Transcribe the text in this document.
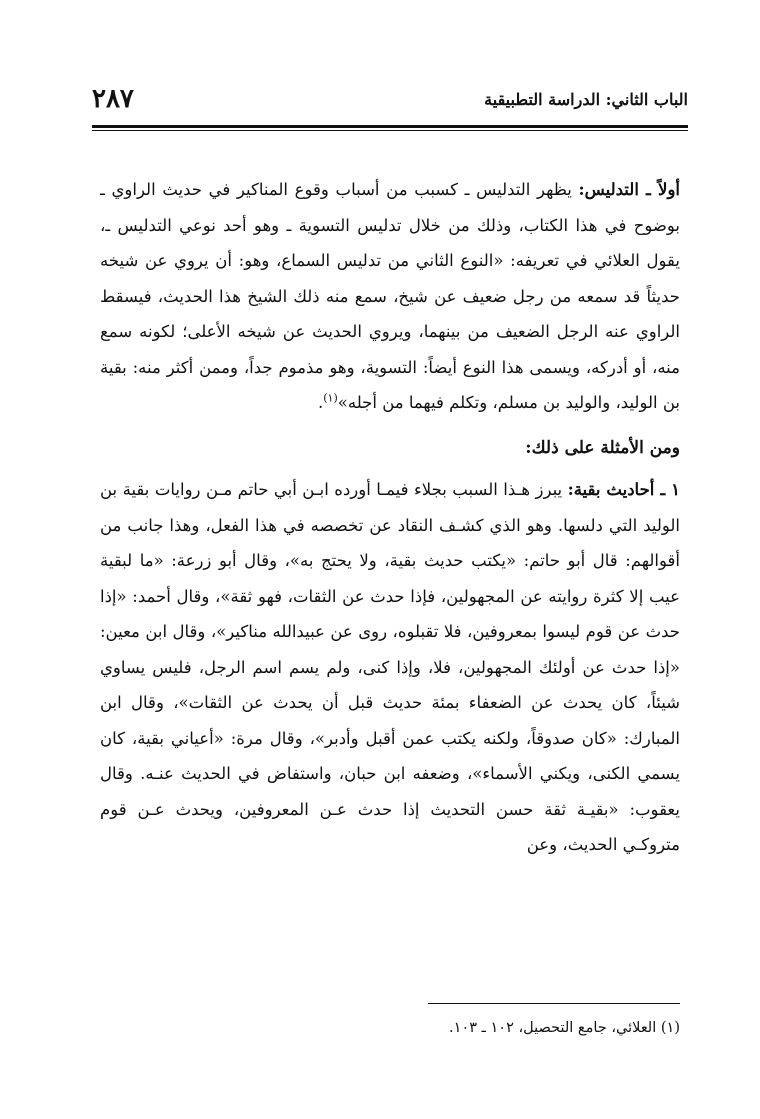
الباب الثاني: الدراسة التطبيقية
٢٨٧

أولاً ـ التدليس: يظهر التدليس ـ كسبب من أسباب وقوع المناكير في حديث الراوي ـ بوضوح في هذا الكتاب، وذلك من خلال تدليس التسوية ـ وهو أحد نوعي التدليس ـ، يقول العلائي في تعريفه: «النوع الثاني من تدليس السماع، وهو: أن يروي عن شيخه حديثاً قد سمعه من رجل ضعيف عن شيخ، سمع منه ذلك الشيخ هذا الحديث، فيسقط الراوي عنه الرجل الضعيف من بينهما، ويروي الحديث عن شيخه الأعلى؛ لكونه سمع منه، أو أدركه، ويسمى هذا النوع أيضاً: التسوية، وهو مذموم جداً، وممن أكثر منه: بقية بن الوليد، والوليد بن مسلم، وتكلم فيهما من أجله»$^{(١)}$.

ومن الأمثلة على ذلك:

١ ـ أحاديث بقية: يبرز هـذا السبب بجلاء فيمـا أورده ابـن أبي حاتم مـن روايات بقية بن الوليد التي دلسها. وهو الذي كشـف النقاد عن تخصصه في هذا الفعل، وهذا جانب من أقوالهم: قال أبو حاتم: «يكتب حديث بقية، ولا يحتج به»، وقال أبو زرعة: «ما لبقية عيب إلا كثرة روايته عن المجهولين، فإذا حدث عن الثقات، فهو ثقة»، وقال أحمد: «إذا حدث عن قوم ليسوا بمعروفين، فلا تقبلوه، روى عن عبيدالله مناكير»، وقال ابن معين: «إذا حدث عن أولئك المجهولين، فلا، وإذا كنى، ولم يسم اسم الرجل، فليس يساوي شيئاً، كان يحدث عن الضعفاء بمئة حديث قبل أن يحدث عن الثقات»، وقال ابن المبارك: «كان صدوقاً، ولكنه يكتب عمن أقبل وأدبر»، وقال مرة: «أعياني بقية، كان يسمي الكنى، ويكني الأسماء»، وضعفه ابن حبان، واستفاض في الحديث عنـه. وقال يعقوب: «بقيـة ثقة حسن التحديث إذا حدث عـن المعروفين، ويحدث عـن قوم متروكـي الحديث، وعن

(١) العلائي، جامع التحصيل، ١٠٢ ـ ١٠٣.
